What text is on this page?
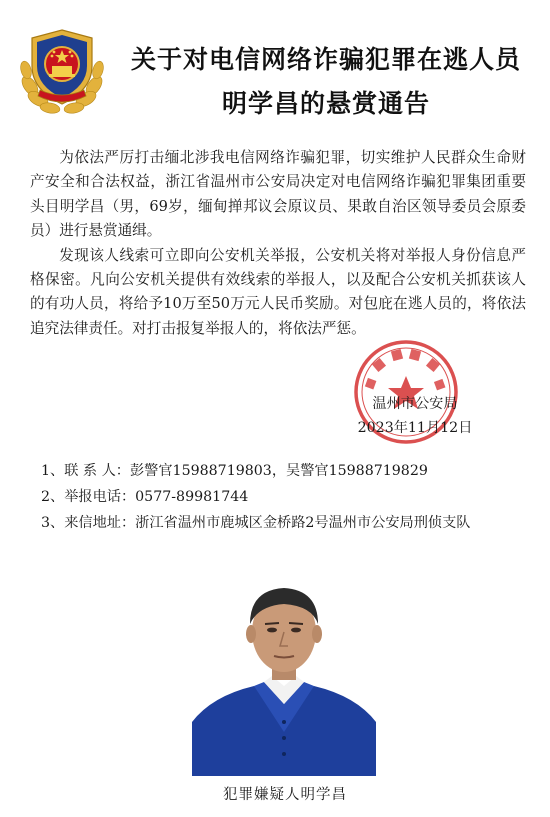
关于对电信网络诈骗犯罪在逃人员
明学昌的悬赏通告

为依法严厉打击缅北涉我电信网络诈骗犯罪，切实维护人民群众生命财产安全和合法权益，浙江省温州市公安局决定对电信网络诈骗犯罪集团重要头目明学昌（男，69岁，缅甸掸邦议会原议员、果敢自治区领导委员会原委员）进行悬赏通缉。

发现该人线索可立即向公安机关举报，公安机关将对举报人身份信息严格保密。凡向公安机关提供有效线索的举报人，以及配合公安机关抓获该人的有功人员，将给予10万至50万元人民币奖励。对包庇在逃人员的，将依法追究法律责任。对打击报复举报人的，将依法严惩。

温州市公安局
2023年11月12日
1、联 系 人：彭警官15988719803，吴警官15988719829
2、举报电话：0577-89981744
3、来信地址：浙江省温州市鹿城区金桥路2号温州市公安局刑侦支队
犯罪嫌疑人明学昌
